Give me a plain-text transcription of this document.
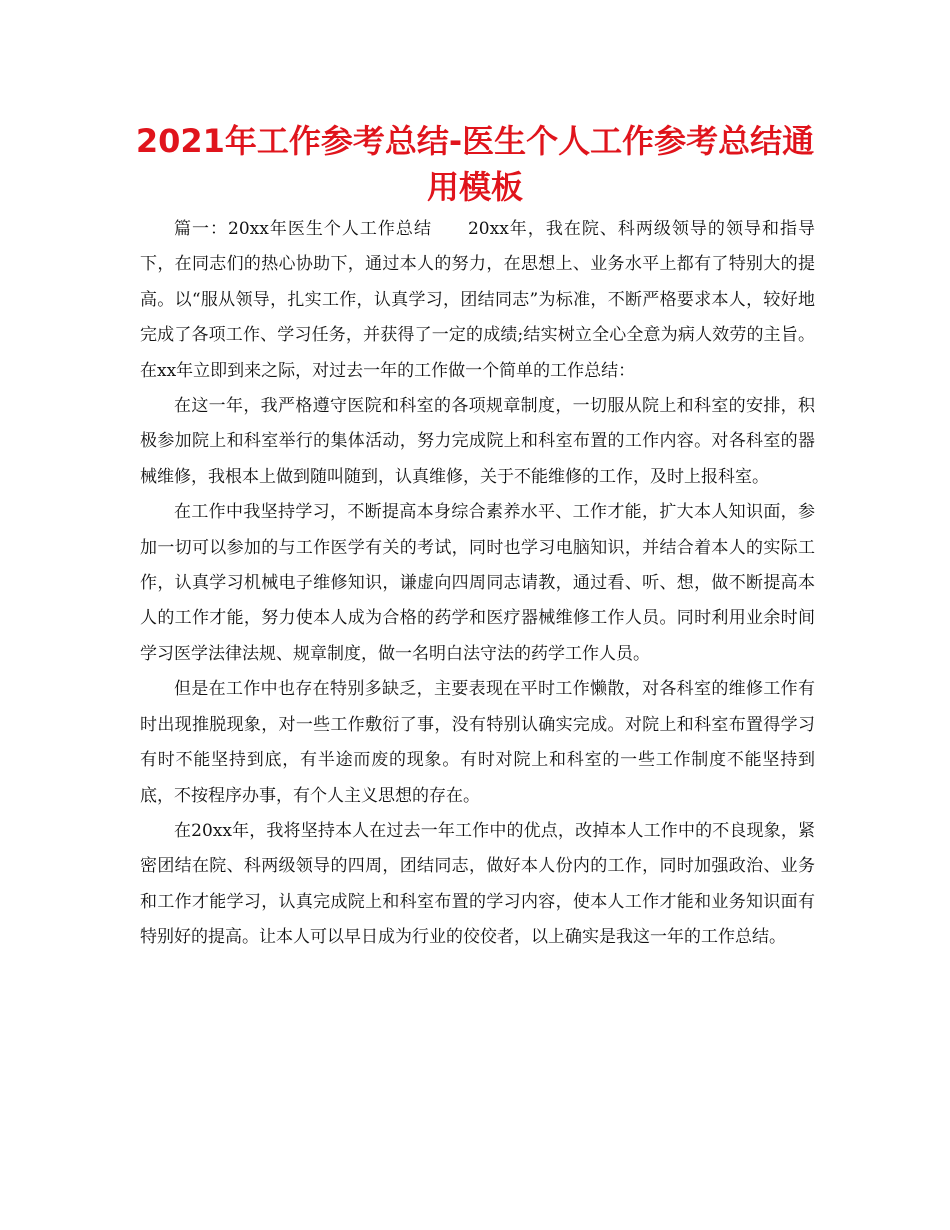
2021年工作参考总结-医生个人工作参考总结通用模板

篇一：20xx年医生个人工作总结　　20xx年，我在院、科两级领导的领导和指导下，在同志们的热心协助下，通过本人的努力，在思想上、业务水平上都有了特别大的提高。以“服从领导，扎实工作，认真学习，团结同志”为标准，不断严格要求本人，较好地完成了各项工作、学习任务，并获得了一定的成绩;结实树立全心全意为病人效劳的主旨。在xx年立即到来之际，对过去一年的工作做一个简单的工作总结：

在这一年，我严格遵守医院和科室的各项规章制度，一切服从院上和科室的安排，积极参加院上和科室举行的集体活动，努力完成院上和科室布置的工作内容。对各科室的器械维修，我根本上做到随叫随到，认真维修，关于不能维修的工作，及时上报科室。

在工作中我坚持学习，不断提高本身综合素养水平、工作才能，扩大本人知识面，参加一切可以参加的与工作医学有关的考试，同时也学习电脑知识，并结合着本人的实际工作，认真学习机械电子维修知识，谦虚向四周同志请教，通过看、听、想，做不断提高本人的工作才能，努力使本人成为合格的药学和医疗器械维修工作人员。同时利用业余时间学习医学法律法规、规章制度，做一名明白法守法的药学工作人员。

但是在工作中也存在特别多缺乏，主要表现在平时工作懒散，对各科室的维修工作有时出现推脱现象，对一些工作敷衍了事，没有特别认确实完成。对院上和科室布置得学习有时不能坚持到底，有半途而废的现象。有时对院上和科室的一些工作制度不能坚持到底，不按程序办事，有个人主义思想的存在。

在20xx年，我将坚持本人在过去一年工作中的优点，改掉本人工作中的不良现象，紧密团结在院、科两级领导的四周，团结同志，做好本人份内的工作，同时加强政治、业务和工作才能学习，认真完成院上和科室布置的学习内容，使本人工作才能和业务知识面有特别好的提高。让本人可以早日成为行业的佼佼者，以上确实是我这一年的工作总结。
